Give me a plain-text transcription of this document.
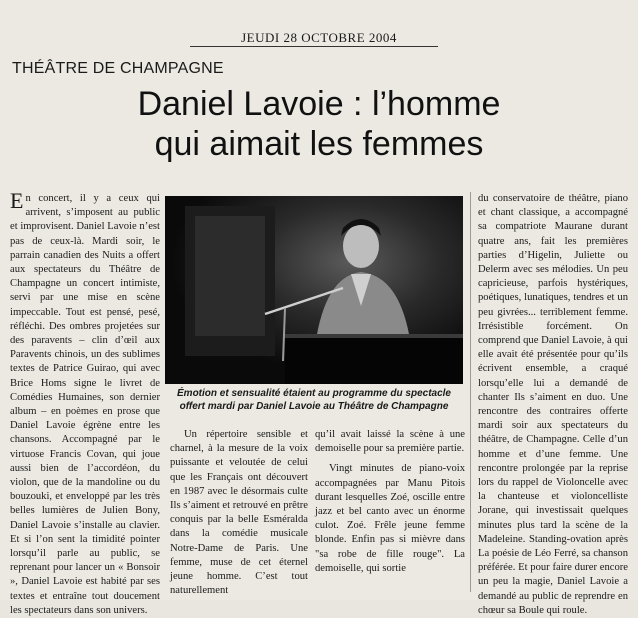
JEUDI 28 OCTOBRE 2004
THÉÂTRE DE CHAMPAGNE
Daniel Lavoie : l’homme
qui aimait les femmes

En concert, il y a ceux qui arrivent, s’imposent au public et improvisent. Daniel Lavoie n’est pas de ceux-là. Mardi soir, le parrain canadien des Nuits a offert aux spectateurs du Théâtre de Champagne un concert intimiste, servi par une mise en scène impeccable. Tout est pensé, pesé, réfléchi. Des ombres projetées sur des paravents – clin d’œil aux Paravents chinois, un des sublimes textes de Patrice Guirao, qui avec Brice Homs signe le livret de Comédies Humaines, son dernier album – en poèmes en prose que Daniel Lavoie égrène entre les chansons. Accompagné par le virtuose Francis Covan, qui joue aussi bien de l’accordéon, du violon, que de la mandoline ou du bouzouki, et enveloppé par les très belles lumières de Julien Bony, Daniel Lavoie s’installe au clavier. Et si l’on sent la timidité pointer lorsqu’il parle au public, se reprenant pour lancer un « Bonsoir », Daniel Lavoie est habité par ses textes et entraîne tout doucement les spectateurs dans son univers.

Émotion et sensualité étaient au programme du spectacle offert mardi par Daniel Lavoie au Théâtre de Champagne

Un répertoire sensible et charnel, à la mesure de la voix puissante et veloutée de celui que les Français ont découvert en 1987 avec le désormais culte Ils s’aiment et retrouvé en prêtre conquis par la belle Esméralda dans la comédie musicale Notre-Dame de Paris. Une femme, muse de cet éternel jeune homme. C’est tout naturellement

qu’il avait laissé la scène à une demoiselle pour sa première partie.

Vingt minutes de piano-voix accompagnées par Manu Pitois durant lesquelles Zoé, oscille entre jazz et bel canto avec un énorme culot. Zoé. Frêle jeune femme blonde. Enfin pas si mièvre dans "sa robe de fille rouge". La demoiselle, qui sortie

du conservatoire de théâtre, piano et chant classique, a accompagné sa compatriote Maurane durant quatre ans, fait les premières parties d’Higelin, Juliette ou Delerm avec ses mélodies. Un peu capricieuse, parfois hystériques, poétiques, lunatiques, tendres et un peu givrées... terriblement femme. Irrésistible forcément. On comprend que Daniel Lavoie, à qui elle avait été présentée pour qu’ils écrivent ensemble, a craqué lorsqu’elle lui a demandé de chanter Ils s’aiment en duo. Une rencontre des contraires offerte mardi soir aux spectateurs du théâtre, de Champagne. Celle d’un homme et d’une femme. Une rencontre prolongée par la reprise lors du rappel de Violoncelle avec la chanteuse et violoncelliste Jorane, qui investissait quelques minutes plus tard la scène de la Madeleine. Standing-ovation après La poésie de Léo Ferré, sa chanson préférée. Et pour faire durer encore un peu la magie, Daniel Lavoie a demandé au public de reprendre en chœur sa Boule qui roule.
